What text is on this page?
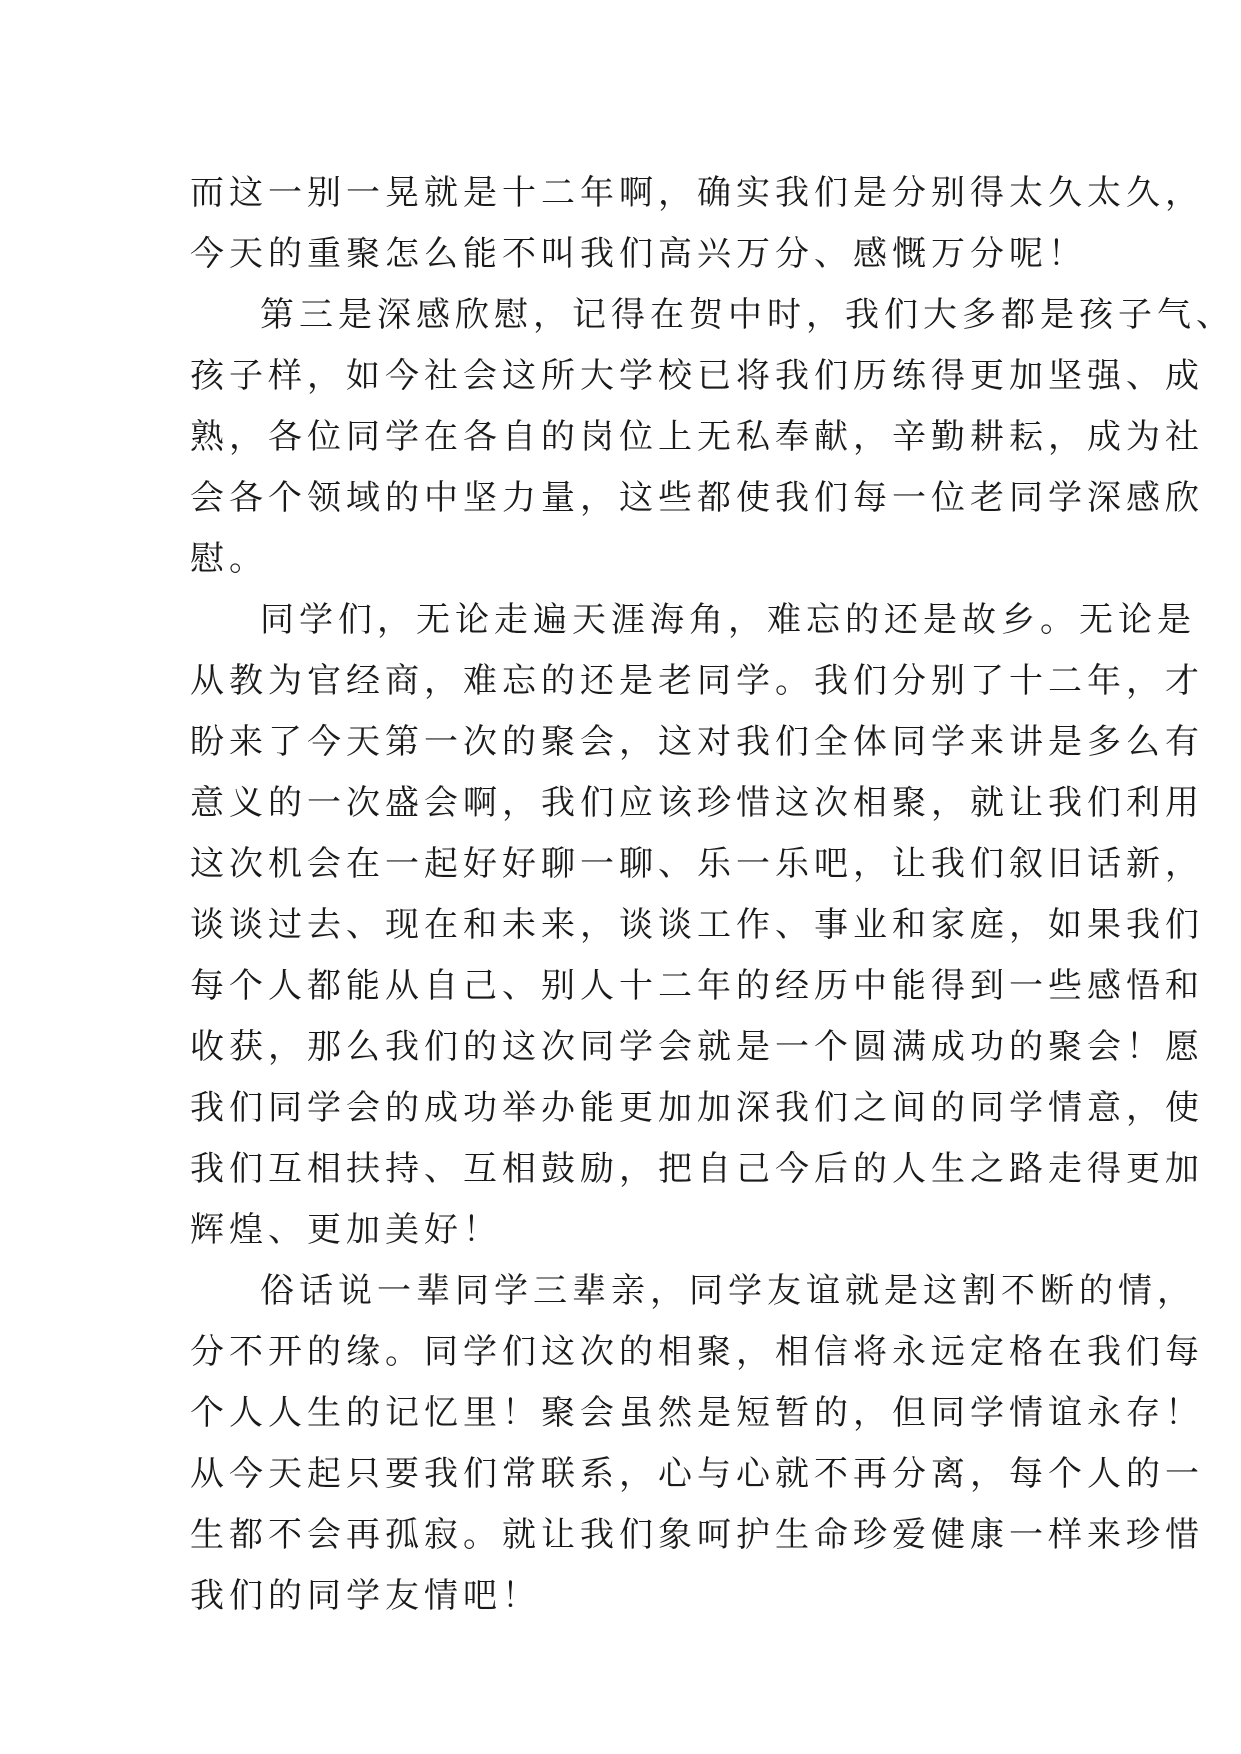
而这一别一晃就是十二年啊，确实我们是分别得太久太久，
今天的重聚怎么能不叫我们高兴万分、感慨万分呢！
第三是深感欣慰，记得在贺中时，我们大多都是孩子气、
孩子样，如今社会这所大学校已将我们历练得更加坚强、成
熟，各位同学在各自的岗位上无私奉献，辛勤耕耘，成为社
会各个领域的中坚力量，这些都使我们每一位老同学深感欣
慰。
同学们，无论走遍天涯海角，难忘的还是故乡。无论是
从教为官经商，难忘的还是老同学。我们分别了十二年，才
盼来了今天第一次的聚会，这对我们全体同学来讲是多么有
意义的一次盛会啊，我们应该珍惜这次相聚，就让我们利用
这次机会在一起好好聊一聊、乐一乐吧，让我们叙旧话新，
谈谈过去、现在和未来，谈谈工作、事业和家庭，如果我们
每个人都能从自己、别人十二年的经历中能得到一些感悟和
收获，那么我们的这次同学会就是一个圆满成功的聚会！愿
我们同学会的成功举办能更加加深我们之间的同学情意，使
我们互相扶持、互相鼓励，把自己今后的人生之路走得更加
辉煌、更加美好！
俗话说一辈同学三辈亲，同学友谊就是这割不断的情，
分不开的缘。同学们这次的相聚，相信将永远定格在我们每
个人人生的记忆里！聚会虽然是短暂的，但同学情谊永存！
从今天起只要我们常联系，心与心就不再分离，每个人的一
生都不会再孤寂。就让我们象呵护生命珍爱健康一样来珍惜
我们的同学友情吧！
